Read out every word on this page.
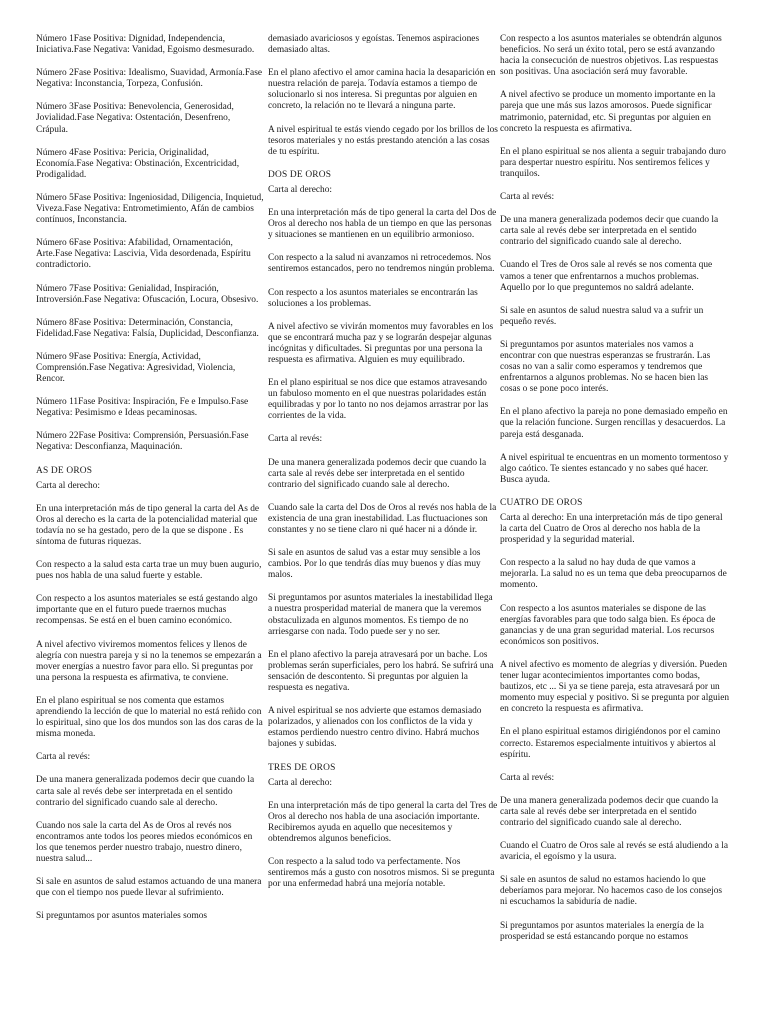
Número 1Fase Positiva: Dignidad, Independencia, Iniciativa.Fase Negativa: Vanidad, Egoismo desmesurado.

Número 2Fase Positiva: Idealismo, Suavidad, Armonía.Fase Negativa: Inconstancia, Torpeza, Confusión.

Número 3Fase Positiva: Benevolencia, Generosidad, Jovialidad.Fase Negativa: Ostentación, Desenfreno, Crápula.

Número 4Fase Positiva: Pericia, Originalidad, Economía.Fase Negativa: Obstinación, Excentricidad, Prodigalidad.

Número 5Fase Positiva: Ingeniosidad, Diligencia, Inquietud, Viveza.Fase Negativa: Entrometimiento, Afán de cambios contínuos, Inconstancia.

Número 6Fase Positiva: Afabilidad, Ornamentación, Arte.Fase Negativa: Lascivia, Vida desordenada, Espíritu contradictorio.

Número 7Fase Positiva: Genialidad, Inspiración, Introversión.Fase Negativa: Ofuscación, Locura, Obsesivo.

Número 8Fase Positiva: Determinación, Constancia, Fidelidad.Fase Negativa: Falsía, Duplicidad, Desconfianza.

Número 9Fase Positiva: Energía, Actividad, Comprensión.Fase Negativa: Agresividad, Violencia, Rencor.

Número 11Fase Positiva: Inspiración, Fe e Impulso.Fase Negativa: Pesimismo e Ideas pecaminosas.

Número 22Fase Positiva: Comprensión, Persuasión.Fase Negativa: Desconfianza, Maquinación.

AS DE OROS

Carta al derecho:

En una interpretación más de tipo general la carta del As de Oros al derecho es la carta de la potencialidad material que todavía no se ha gestado, pero de la que se dispone . Es síntoma de futuras riquezas.

Con respecto a la salud esta carta trae un muy buen augurio, pues nos habla de una salud fuerte y estable.

Con respecto a los asuntos materiales se está gestando algo importante que en el futuro puede traernos muchas recompensas. Se está en el buen camino económico.

A nivel afectivo viviremos momentos felices y llenos de alegría con nuestra pareja y si no la tenemos se empezarán a mover energías a nuestro favor para ello. Si preguntas por una persona la respuesta es afirmativa, te conviene.

En el plano espiritual se nos comenta que estamos aprendiendo la lección de que lo material no está reñido con lo espiritual, sino que los dos mundos son las dos caras de la misma moneda.

Carta al revés:

De una manera generalizada podemos decir que cuando la carta sale al revés debe ser interpretada en el sentido contrario del significado cuando sale al derecho.

Cuando nos sale la carta del As de Oros al revés nos encontramos ante todos los peores miedos económicos en los que tenemos perder nuestro trabajo, nuestro dinero, nuestra salud...

Si sale en asuntos de salud estamos actuando de una manera que con el tiempo nos puede llevar al sufrimiento.

Si preguntamos por asuntos materiales somos

demasiado avariciosos y egoístas. Tenemos aspiraciones demasiado altas.

En el plano afectivo el amor camina hacia la desaparición en nuestra relación de pareja. Todavía estamos a tiempo de solucionarlo si nos interesa. Si preguntas por alguien en concreto, la relación no te llevará a ninguna parte.

A nivel espiritual te estás viendo cegado por los brillos de los tesoros materiales y no estás prestando atención a las cosas de tu espíritu.

DOS DE OROS

Carta al derecho:

En una interpretación más de tipo general la carta del Dos de Oros al derecho nos habla de un tiempo en que las personas y situaciones se mantienen en un equilibrio armonioso.

Con respecto a la salud ni avanzamos ni retrocedemos. Nos sentiremos estancados, pero no tendremos ningún problema.

Con respecto a los asuntos materiales se encontrarán las soluciones a los problemas.

A nivel afectivo se vivirán momentos muy favorables en los que se encontrará mucha paz y se lograrán despejar algunas incógnitas y dificultades. Si preguntas por una persona la respuesta es afirmativa. Alguien es muy equilibrado.

En el plano espiritual se nos dice que estamos atravesando un fabuloso momento en el que nuestras polaridades están equilibradas y por lo tanto no nos dejamos arrastrar por las corrientes de la vida.

Carta al revés:

De una manera generalizada podemos decir que cuando la carta sale al revés debe ser interpretada en el sentido contrario del significado cuando sale al derecho.

Cuando sale la carta del Dos de Oros al revés nos habla de la existencia de una gran inestabilidad. Las fluctuaciones son constantes y no se tiene claro ni qué hacer ni a dónde ir.

Si sale en asuntos de salud vas a estar muy sensible a los cambios. Por lo que tendrás días muy buenos y días muy malos.

Si preguntamos por asuntos materiales la inestabilidad llega a nuestra prosperidad material de manera que la veremos obstaculizada en algunos momentos. Es tiempo de no arriesgarse con nada. Todo puede ser y no ser.

En el plano afectivo la pareja atravesará por un bache. Los problemas serán superficiales, pero los habrá. Se sufrirá una sensación de descontento. Si preguntas por alguien la respuesta es negativa.

A nivel espiritual se nos advierte que estamos demasiado polarizados, y alienados con los conflictos de la vida y estamos perdiendo nuestro centro divino. Habrá muchos bajones y subidas.

TRES DE OROS

Carta al derecho:

En una interpretación más de tipo general la carta del Tres de Oros al derecho nos habla de una asociación importante. Recibiremos ayuda en aquello que necesitemos y obtendremos algunos beneficios.

Con respecto a la salud todo va perfectamente. Nos sentiremos más a gusto con nosotros mismos. Si se pregunta por una enfermedad habrá una mejoría notable.

Con respecto a los asuntos materiales se obtendrán algunos beneficios. No será un éxito total, pero se está avanzando hacia la consecución de nuestros objetivos. Las respuestas son positivas. Una asociación será muy favorable.

A nivel afectivo se produce un momento importante en la pareja que une más sus lazos amorosos. Puede significar matrimonio, paternidad, etc. Si preguntas por alguien en concreto la respuesta es afirmativa.

En el plano espiritual se nos alienta a seguir trabajando duro para despertar nuestro espíritu. Nos sentiremos felices y tranquilos.

Carta al revés:

De una manera generalizada podemos decir que cuando la carta sale al revés debe ser interpretada en el sentido contrario del significado cuando sale al derecho.

Cuando el Tres de Oros sale al revés se nos comenta que vamos a tener que enfrentarnos a muchos problemas. Aquello por lo que preguntemos no saldrá adelante.

Si sale en asuntos de salud nuestra salud va a sufrir un pequeño revés.

Si preguntamos por asuntos materiales nos vamos a encontrar con que nuestras esperanzas se frustrarán. Las cosas no van a salir como esperamos y tendremos que enfrentarnos a algunos problemas. No se hacen bien las cosas o se pone poco interés.

En el plano afectivo la pareja no pone demasiado empeño en que la relación funcione. Surgen rencillas y desacuerdos. La pareja está desganada.

A nivel espiritual te encuentras en un momento tormentoso y algo caótico. Te sientes estancado y no sabes qué hacer. Busca ayuda.

CUATRO DE OROS

Carta al derecho: En una interpretación más de tipo general la carta del Cuatro de Oros al derecho nos habla de la prosperidad y la seguridad material.

Con respecto a la salud no hay duda de que vamos a mejorarla. La salud no es un tema que deba preocuparnos de momento.

Con respecto a los asuntos materiales se dispone de las energías favorables para que todo salga bien. Es época de ganancias y de una gran seguridad material. Los recursos económicos son positivos.

A nivel afectivo es momento de alegrías y diversión. Pueden tener lugar acontecimientos importantes como bodas, bautizos, etc ... Si ya se tiene pareja, esta atravesará por un momento muy especial y positivo. Si se pregunta por alguien en concreto la respuesta es afirmativa.

En el plano espiritual estamos dirigiéndonos por el camino correcto. Estaremos especialmente intuitivos y abiertos al espíritu.

Carta al revés:

De una manera generalizada podemos decir que cuando la carta sale al revés debe ser interpretada en el sentido contrario del significado cuando sale al derecho.

Cuando el Cuatro de Oros sale al revés se está aludiendo a la avaricia, el egoísmo y la usura.

Si sale en asuntos de salud no estamos haciendo lo que deberíamos para mejorar. No hacemos caso de los consejos ni escuchamos la sabiduría de nadie.

Si preguntamos por asuntos materiales la energía de la prosperidad se está estancando porque no estamos
